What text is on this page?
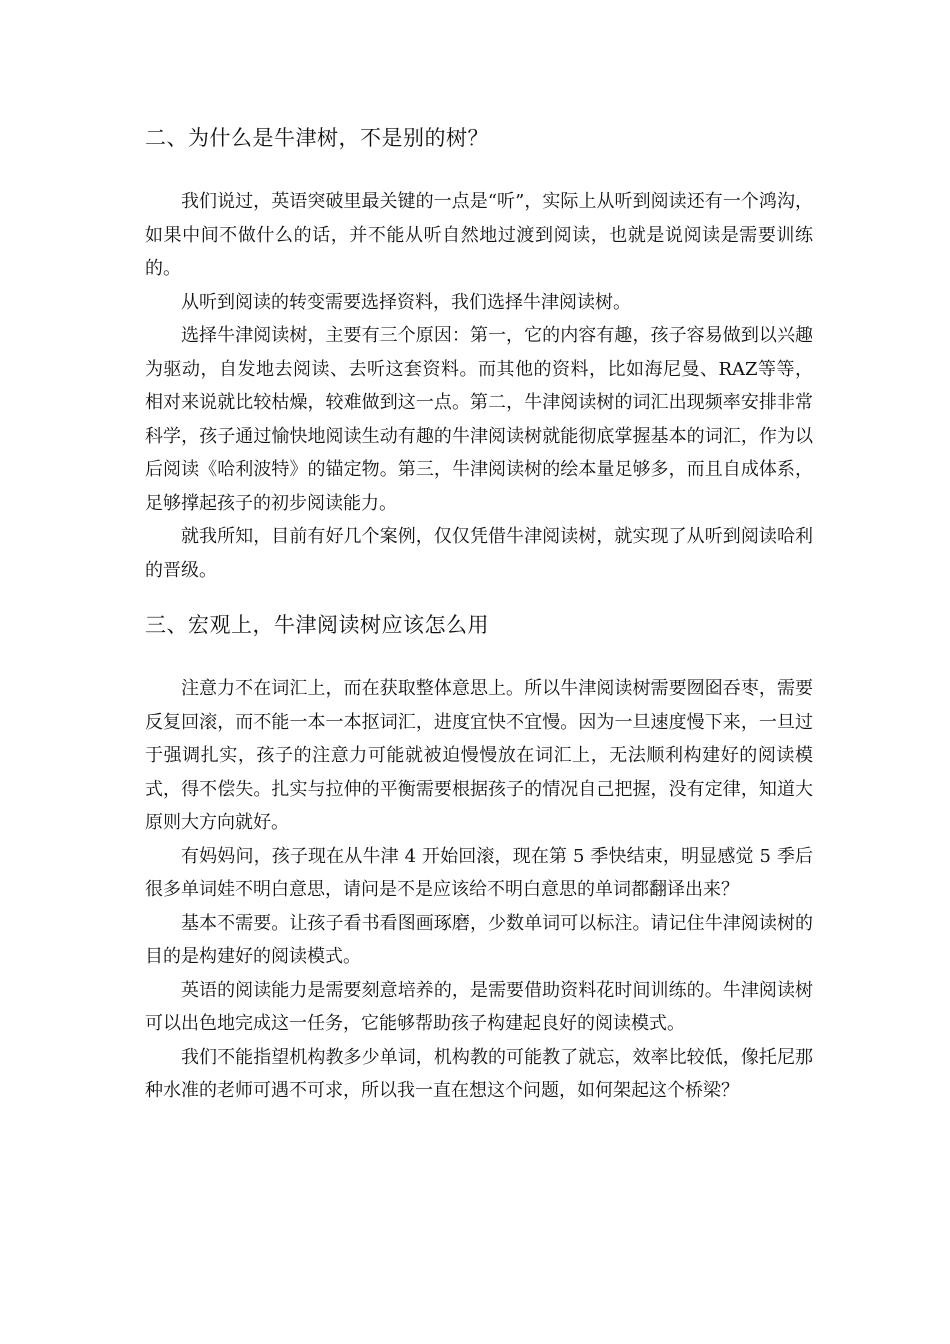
二、为什么是牛津树，不是别的树？

我们说过，英语突破里最关键的一点是“听”，实际上从听到阅读还有一个鸿沟，如果中间不做什么的话，并不能从听自然地过渡到阅读，也就是说阅读是需要训练的。

从听到阅读的转变需要选择资料，我们选择牛津阅读树。

选择牛津阅读树，主要有三个原因：第一，它的内容有趣，孩子容易做到以兴趣为驱动，自发地去阅读、去听这套资料。而其他的资料，比如海尼曼、RAZ等等，相对来说就比较枯燥，较难做到这一点。第二，牛津阅读树的词汇出现频率安排非常科学，孩子通过愉快地阅读生动有趣的牛津阅读树就能彻底掌握基本的词汇，作为以后阅读《哈利波特》的锚定物。第三，牛津阅读树的绘本量足够多，而且自成体系，足够撑起孩子的初步阅读能力。

就我所知，目前有好几个案例，仅仅凭借牛津阅读树，就实现了从听到阅读哈利的晋级。

三、宏观上，牛津阅读树应该怎么用

注意力不在词汇上，而在获取整体意思上。所以牛津阅读树需要囫囵吞枣，需要反复回滚，而不能一本一本抠词汇，进度宜快不宜慢。因为一旦速度慢下来，一旦过于强调扎实，孩子的注意力可能就被迫慢慢放在词汇上，无法顺利构建好的阅读模式，得不偿失。扎实与拉伸的平衡需要根据孩子的情况自己把握，没有定律，知道大原则大方向就好。

有妈妈问，孩子现在从牛津 4 开始回滚，现在第 5 季快结束，明显感觉 5 季后很多单词娃不明白意思，请问是不是应该给不明白意思的单词都翻译出来？

基本不需要。让孩子看书看图画琢磨，少数单词可以标注。请记住牛津阅读树的目的是构建好的阅读模式。

英语的阅读能力是需要刻意培养的，是需要借助资料花时间训练的。牛津阅读树可以出色地完成这一任务，它能够帮助孩子构建起良好的阅读模式。

我们不能指望机构教多少单词，机构教的可能教了就忘，效率比较低，像托尼那种水准的老师可遇不可求，所以我一直在想这个问题，如何架起这个桥梁？
